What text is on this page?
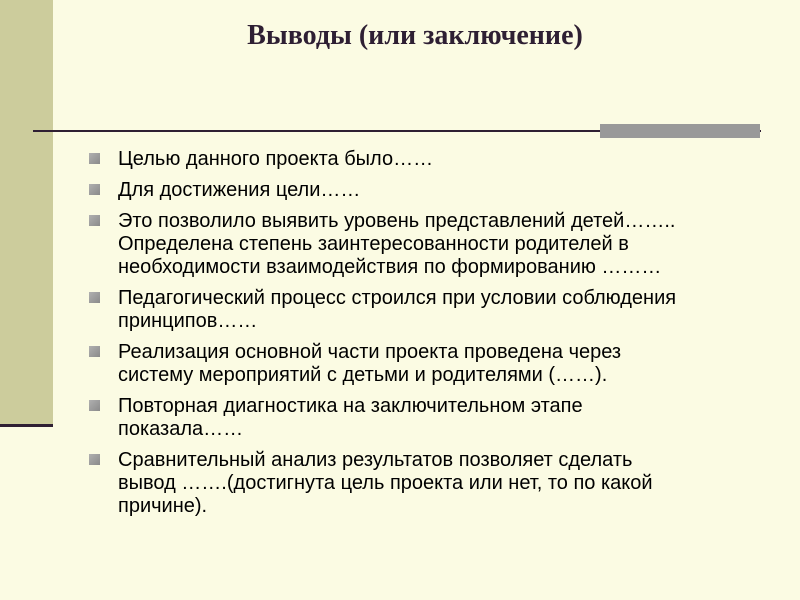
Выводы (или заключение)
Целью данного проекта было……
Для достижения цели……
Это позволило выявить уровень представлений детей……..
Определена степень заинтересованности родителей в
необходимости взаимодействия по формированию ………
Педагогический процесс строился при условии соблюдения
принципов……
Реализация основной части проекта проведена через
систему мероприятий с детьми и родителями (……).
Повторная диагностика на заключительном этапе
показала……
Сравнительный анализ результатов позволяет сделать
вывод …….(достигнута цель проекта или нет, то по какой
причине).
